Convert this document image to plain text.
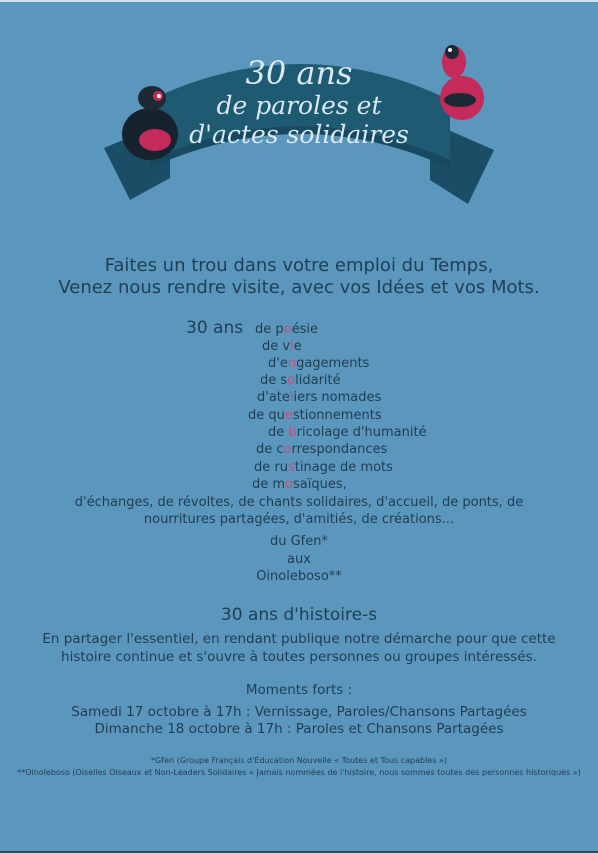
30 ans
de paroles et
d'actes solidaires
Faites un trou dans votre emploi du Temps,
Venez nous rendre visite, avec vos Idées et vos Mots.
30 ans de poésie
de vie
d'engagements
de solidarité
d'ateliers nomades
de questionnements
de bricolage d'humanité
de correspondances
de rustinage de mots
de mosaïques,
d'échanges, de révoltes, de chants solidaires, d'accueil, de ponts, de
nourritures partagées, d'amitiés, de créations...
du Gfen*
aux
Oinoleboso**
30 ans d'histoire-s
En partager l'essentiel, en rendant publique notre démarche pour que cette
histoire continue et s'ouvre à toutes personnes ou groupes intéressés.
Moments forts :
Samedi 17 octobre à 17h : Vernissage, Paroles/Chansons Partagées
Dimanche 18 octobre à 17h : Paroles et Chansons Partagées
*Gfen (Groupe Français d'Éducation Nouvelle « Toutes et Tous capables »)
**Oinoleboso (Oiselles Oiseaux et Non-Leaders Solidaires « Jamais nommées de l'histoire, nous sommes toutes des personnes historiques »)
